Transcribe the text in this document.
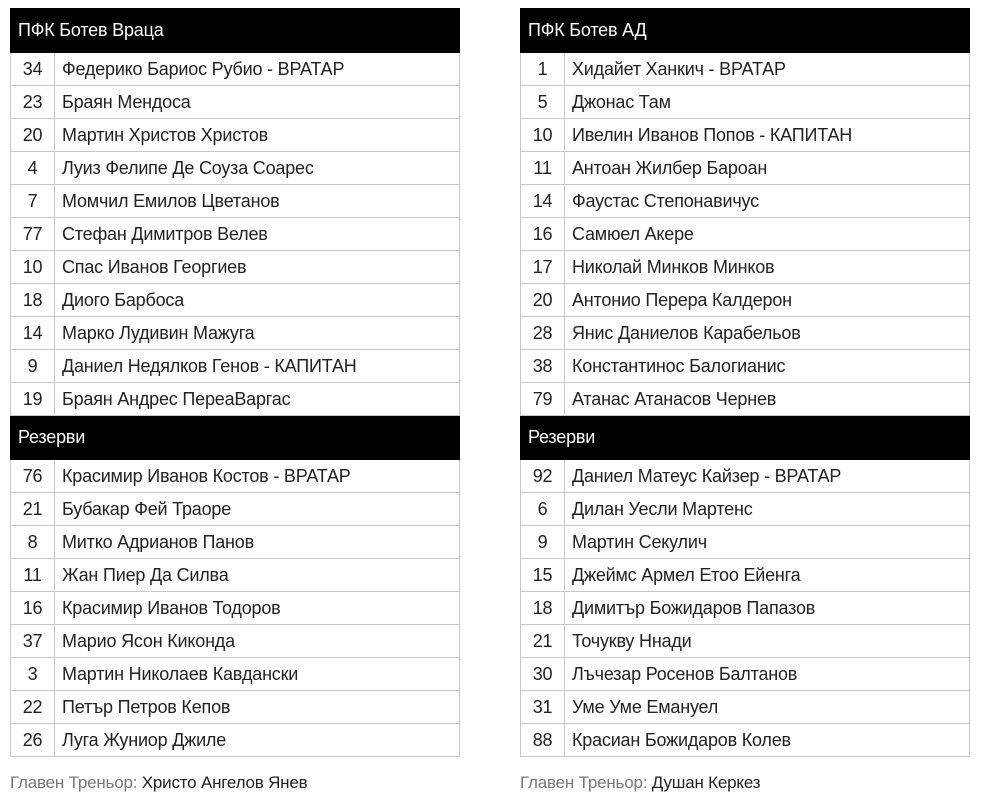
ПФК Ботев Враца	
34	Федерико Бариос Рубио - ВРАТАР
23	Браян Мендоса
20	Мартин Христов Христов
4	Луиз Фелипе Де Соуза Соарес
7	Момчил Емилов Цветанов
77	Стефан Димитров Велев
10	Спас Иванов Георгиев
18	Диого Барбоса
14	Марко Лудивин Мажуга
9	Даниел Недялков Генов - КАПИТАН
19	Браян Андрес ПереаВаргас
Резерви	
76	Красимир Иванов Костов - ВРАТАР
21	Бубакар Фей Траоре
8	Митко Адрианов Панов
11	Жан Пиер Да Силва
16	Красимир Иванов Тодоров
37	Марио Ясон Киконда
3	Мартин Николаев Кавдански
22	Петър Петров Кепов
26	Луга Жуниор Джиле
ПФК Ботев АД	
1	Хидайет Ханкич - ВРАТАР
5	Джонас Там
10	Ивелин Иванов Попов - КАПИТАН
11	Антоан Жилбер Бароан
14	Фаустас Степонавичус
16	Самюел Акере
17	Николай Минков Минков
20	Антонио Перера Калдерон
28	Янис Даниелов Карабельов
38	Константинос Балогианис
79	Атанас Атанасов Чернев
Резерви	
92	Даниел Матеус Кайзер - ВРАТАР
6	Дилан Уесли Мартенс
9	Мартин Секулич
15	Джеймс Армел Етоо Ейенга
18	Димитър Божидаров Папазов
21	Точукву Ннади
30	Лъчезар Росенов Балтанов
31	Уме Уме Емануел
88	Красиан Божидаров Колев
Главен Треньор: Христо Ангелов Янев	Главен Треньор: Душан Керкез
